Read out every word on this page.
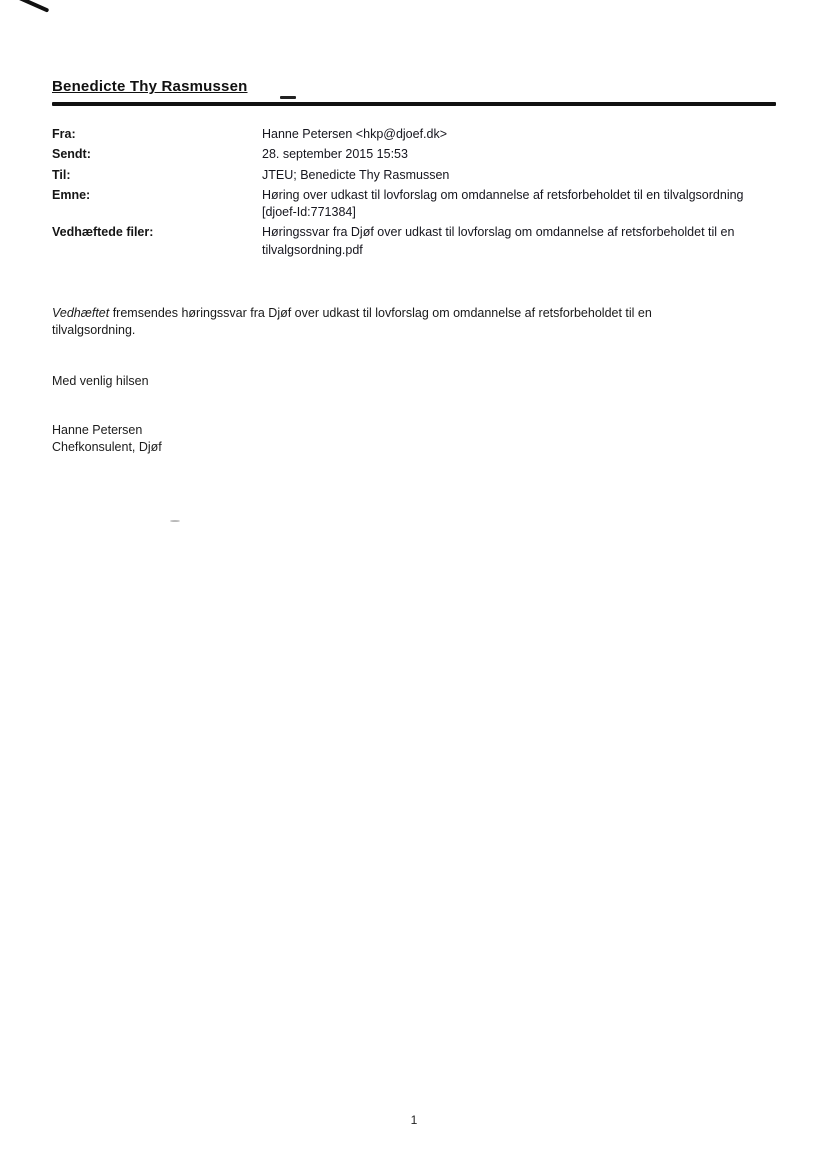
Benedicte Thy Rasmussen
Fra:	Hanne Petersen <hkp@djoef.dk>
Sendt:	28. september 2015 15:53
Til:	JTEU; Benedicte Thy Rasmussen
Emne:	Høring over udkast til lovforslag om omdannelse af retsforbeholdet til en tilvalgsordning [djoef-Id:771384]
Vedhæftede filer:	Høringssvar fra Djøf over udkast til lovforslag om omdannelse af retsforbeholdet til en tilvalgsordning.pdf
Vedhæftet fremsendes høringssvar fra Djøf over udkast til lovforslag om omdannelse af retsforbeholdet til en tilvalgsordning.
Med venlig hilsen
Hanne Petersen
Chefkonsulent, Djøf
1
